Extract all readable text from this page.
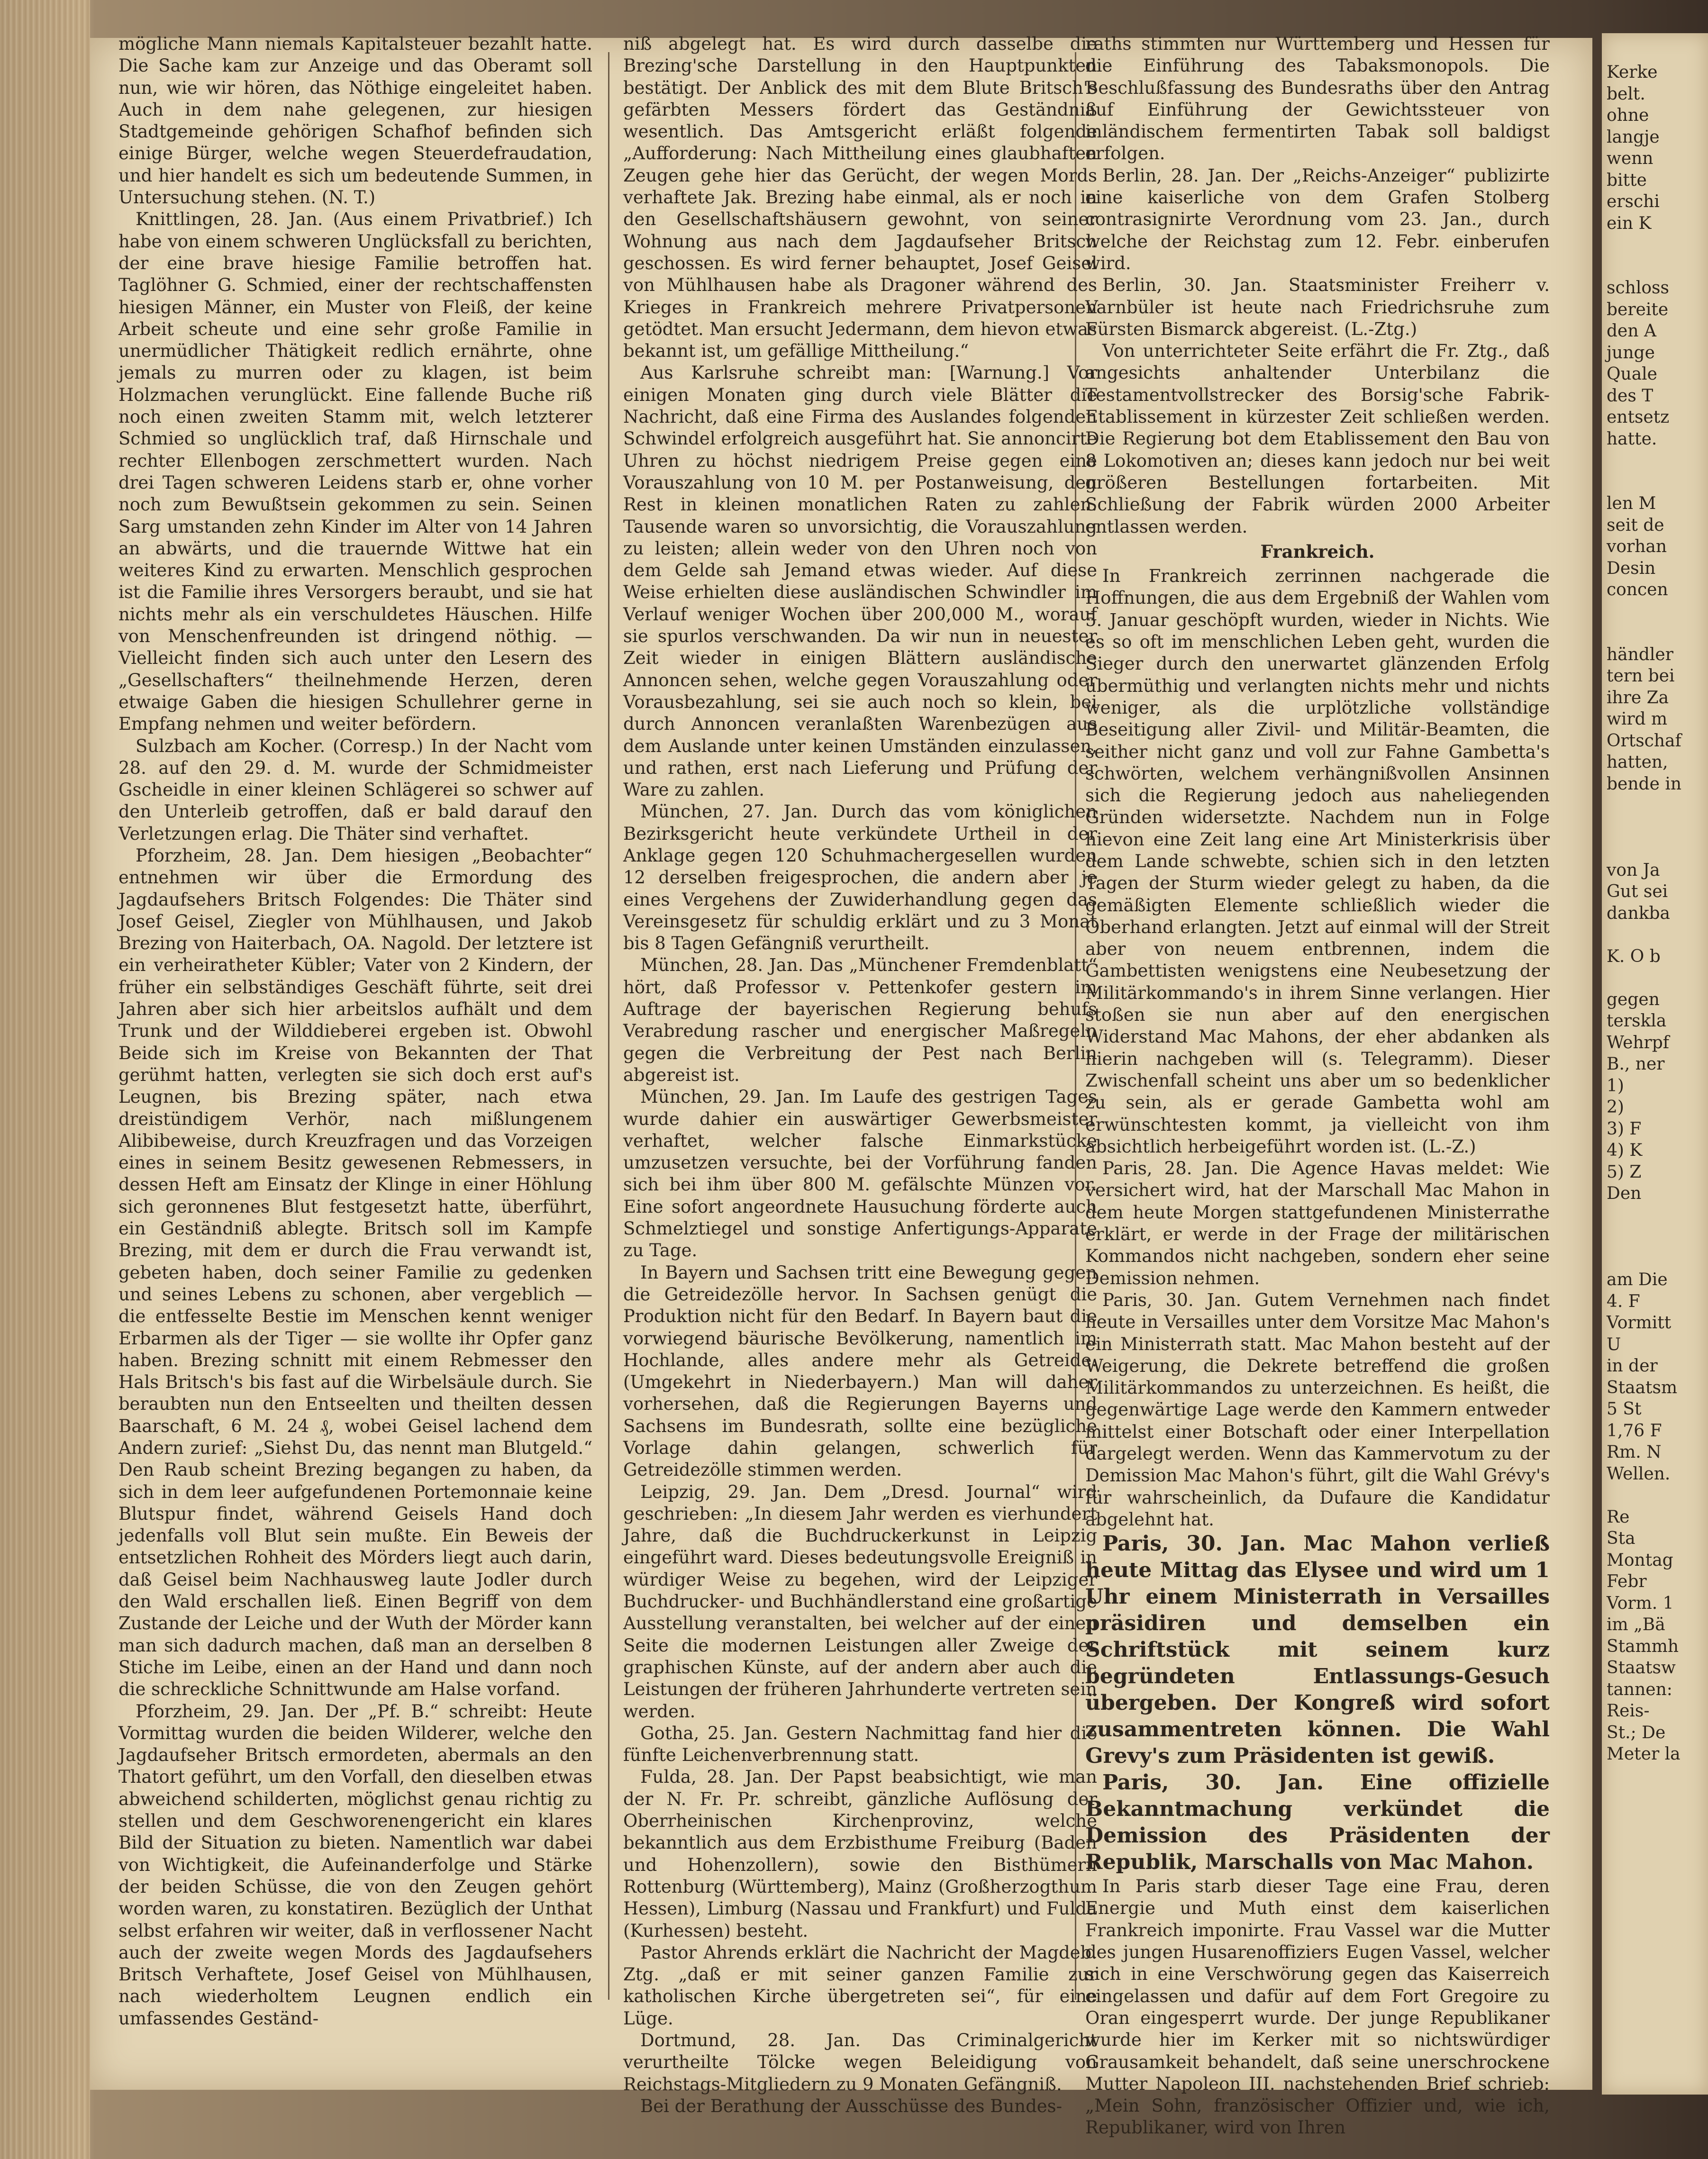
mögliche Mann niemals Kapitalsteuer bezahlt hatte. Die Sache kam zur Anzeige und das Oberamt soll nun, wie wir hören, das Nöthige eingeleitet haben. Auch in dem nahe gelegenen, zur hiesigen Stadtgemeinde gehörigen Schafhof befinden sich einige Bürger, welche wegen Steuerdefraudation, und hier handelt es sich um bedeutende Summen, in Untersuchung stehen. (N. T.)

Knittlingen, 28. Jan. (Aus einem Privatbrief.) Ich habe von einem schweren Unglücksfall zu berichten, der eine brave hiesige Familie betroffen hat. Taglöhner G. Schmied, einer der rechtschaffensten hiesigen Männer, ein Muster von Fleiß, der keine Arbeit scheute und eine sehr große Familie in unermüdlicher Thätigkeit redlich ernährte, ohne jemals zu murren oder zu klagen, ist beim Holzmachen verunglückt. Eine fallende Buche riß noch einen zweiten Stamm mit, welch letzterer Schmied so unglücklich traf, daß Hirnschale und rechter Ellenbogen zerschmettert wurden. Nach drei Tagen schweren Leidens starb er, ohne vorher noch zum Bewußtsein gekommen zu sein. Seinen Sarg umstanden zehn Kinder im Alter von 14 Jahren an abwärts, und die trauernde Wittwe hat ein weiteres Kind zu erwarten. Menschlich gesprochen ist die Familie ihres Versorgers beraubt, und sie hat nichts mehr als ein verschuldetes Häuschen. Hilfe von Menschenfreunden ist dringend nöthig. — Vielleicht finden sich auch unter den Lesern des „Gesellschafters“ theilnehmende Herzen, deren etwaige Gaben die hiesigen Schullehrer gerne in Empfang nehmen und weiter befördern.

Sulzbach am Kocher. (Corresp.) In der Nacht vom 28. auf den 29. d. M. wurde der Schmidmeister Gscheidle in einer kleinen Schlägerei so schwer auf den Unterleib getroffen, daß er bald darauf den Verletzungen erlag. Die Thäter sind verhaftet.

Pforzheim, 28. Jan. Dem hiesigen „Beobachter“ entnehmen wir über die Ermordung des Jagdaufsehers Britsch Folgendes: Die Thäter sind Josef Geisel, Ziegler von Mühlhausen, und Jakob Brezing von Haiterbach, OA. Nagold. Der letztere ist ein verheiratheter Kübler; Vater von 2 Kindern, der früher ein selbständiges Geschäft führte, seit drei Jahren aber sich hier arbeitslos aufhält und dem Trunk und der Wilddieberei ergeben ist. Obwohl Beide sich im Kreise von Bekannten der That gerühmt hatten, verlegten sie sich doch erst auf's Leugnen, bis Brezing später, nach etwa dreistündigem Verhör, nach mißlungenem Alibibeweise, durch Kreuzfragen und das Vorzeigen eines in seinem Besitz gewesenen Rebmessers, in dessen Heft am Einsatz der Klinge in einer Höhlung sich geronnenes Blut festgesetzt hatte, überführt, ein Geständniß ablegte. Britsch soll im Kampfe Brezing, mit dem er durch die Frau verwandt ist, gebeten haben, doch seiner Familie zu gedenken und seines Lebens zu schonen, aber vergeblich — die entfesselte Bestie im Menschen kennt weniger Erbarmen als der Tiger — sie wollte ihr Opfer ganz haben. Brezing schnitt mit einem Rebmesser den Hals Britsch's bis fast auf die Wirbelsäule durch. Sie beraubten nun den Entseelten und theilten dessen Baarschaft, 6 M. 24 ₰, wobei Geisel lachend dem Andern zurief: „Siehst Du, das nennt man Blutgeld.“ Den Raub scheint Brezing begangen zu haben, da sich in dem leer aufgefundenen Portemonnaie keine Blutspur findet, während Geisels Hand doch jedenfalls voll Blut sein mußte. Ein Beweis der entsetzlichen Rohheit des Mörders liegt auch darin, daß Geisel beim Nachhausweg laute Jodler durch den Wald erschallen ließ. Einen Begriff von dem Zustande der Leiche und der Wuth der Mörder kann man sich dadurch machen, daß man an derselben 8 Stiche im Leibe, einen an der Hand und dann noch die schreckliche Schnittwunde am Halse vorfand.

Pforzheim, 29. Jan. Der „Pf. B.“ schreibt: Heute Vormittag wurden die beiden Wilderer, welche den Jagdaufseher Britsch ermordeten, abermals an den Thatort geführt, um den Vorfall, den dieselben etwas abweichend schilderten, möglichst genau richtig zu stellen und dem Geschworenengericht ein klares Bild der Situation zu bieten. Namentlich war dabei von Wichtigkeit, die Aufeinanderfolge und Stärke der beiden Schüsse, die von den Zeugen gehört worden waren, zu konstatiren. Bezüglich der Unthat selbst erfahren wir weiter, daß in verflossener Nacht auch der zweite wegen Mords des Jagdaufsehers Britsch Verhaftete, Josef Geisel von Mühlhausen, nach wiederholtem Leugnen endlich ein umfassendes Geständ-

niß abgelegt hat. Es wird durch dasselbe die Brezing'sche Darstellung in den Hauptpunkten bestätigt. Der Anblick des mit dem Blute Britsch's gefärbten Messers fördert das Geständniß wesentlich. Das Amtsgericht erläßt folgende „Aufforderung: Nach Mittheilung eines glaubhaften Zeugen gehe hier das Gerücht, der wegen Mords verhaftete Jak. Brezing habe einmal, als er noch in den Gesellschaftshäusern gewohnt, von seiner Wohnung aus nach dem Jagdaufseher Britsch geschossen. Es wird ferner behauptet, Josef Geisel von Mühlhausen habe als Dragoner während des Krieges in Frankreich mehrere Privatpersonen getödtet. Man ersucht Jedermann, dem hievon etwas bekannt ist, um gefällige Mittheilung.“

Aus Karlsruhe schreibt man: [Warnung.] Vor einigen Monaten ging durch viele Blätter die Nachricht, daß eine Firma des Auslandes folgenden Schwindel erfolgreich ausgeführt hat. Sie annoncirte Uhren zu höchst niedrigem Preise gegen eine Vorauszahlung von 10 M. per Postanweisung, den Rest in kleinen monatlichen Raten zu zahlen. Tausende waren so unvorsichtig, die Vorauszahlung zu leisten; allein weder von den Uhren noch von dem Gelde sah Jemand etwas wieder. Auf diese Weise erhielten diese ausländischen Schwindler im Verlauf weniger Wochen über 200,000 M., worauf sie spurlos verschwanden. Da wir nun in neuester Zeit wieder in einigen Blättern ausländische Annoncen sehen, welche gegen Vorauszahlung oder Vorausbezahlung, sei sie auch noch so klein, bei durch Annoncen veranlaßten Warenbezügen aus dem Auslande unter keinen Umständen einzulassen, und rathen, erst nach Lieferung und Prüfung der Ware zu zahlen.

München, 27. Jan. Durch das vom königlichen Bezirksgericht heute verkündete Urtheil in der Anklage gegen 120 Schuhmachergesellen wurden 12 derselben freigesprochen, die andern aber je eines Vergehens der Zuwiderhandlung gegen das Vereinsgesetz für schuldig erklärt und zu 3 Monat bis 8 Tagen Gefängniß verurtheilt.

München, 28. Jan. Das „Münchener Fremdenblatt“ hört, daß Professor v. Pettenkofer gestern im Auftrage der bayerischen Regierung behufs Verabredung rascher und energischer Maßregeln gegen die Verbreitung der Pest nach Berlin abgereist ist.

München, 29. Jan. Im Laufe des gestrigen Tages wurde dahier ein auswärtiger Gewerbsmeister verhaftet, welcher falsche Einmarkstücke umzusetzen versuchte, bei der Vorführung fanden sich bei ihm über 800 M. gefälschte Münzen vor. Eine sofort angeordnete Hausuchung förderte auch Schmelztiegel und sonstige Anfertigungs-Apparate zu Tage.

In Bayern und Sachsen tritt eine Bewegung gegen die Getreidezölle hervor. In Sachsen genügt die Produktion nicht für den Bedarf. In Bayern baut die vorwiegend bäurische Bevölkerung, namentlich im Hochlande, alles andere mehr als Getreide. (Umgekehrt in Niederbayern.) Man will daher vorhersehen, daß die Regierungen Bayerns und Sachsens im Bundesrath, sollte eine bezügliche Vorlage dahin gelangen, schwerlich für Getreidezölle stimmen werden.

Leipzig, 29. Jan. Dem „Dresd. Journal“ wird geschrieben: „In diesem Jahr werden es vierhundert Jahre, daß die Buchdruckerkunst in Leipzig eingeführt ward. Dieses bedeutungsvolle Ereigniß in würdiger Weise zu begehen, wird der Leipziger Buchdrucker- und Buchhändlerstand eine großartige Ausstellung veranstalten, bei welcher auf der einen Seite die modernen Leistungen aller Zweige der graphischen Künste, auf der andern aber auch die Leistungen der früheren Jahrhunderte vertreten sein werden.

Gotha, 25. Jan. Gestern Nachmittag fand hier die fünfte Leichenverbrennung statt.

Fulda, 28. Jan. Der Papst beabsichtigt, wie man der N. Fr. Pr. schreibt, gänzliche Auflösung der Oberrheinischen Kirchenprovinz, welche bekanntlich aus dem Erzbisthume Freiburg (Baden und Hohenzollern), sowie den Bisthümern Rottenburg (Württemberg), Mainz (Großherzogthum Hessen), Limburg (Nassau und Frankfurt) und Fulda (Kurhessen) besteht.

Pastor Ahrends erklärt die Nachricht der Magdeb. Ztg. „daß er mit seiner ganzen Familie zur katholischen Kirche übergetreten sei“, für eine Lüge.

Dortmund, 28. Jan. Das Criminalgericht verurtheilte Tölcke wegen Beleidigung von Reichstags-Mitgliedern zu 9 Monaten Gefängniß.

Bei der Berathung der Ausschüsse des Bundes-

raths stimmten nur Württemberg und Hessen für die Einführung des Tabaksmonopols. Die Beschlußfassung des Bundesraths über den Antrag auf Einführung der Gewichtssteuer von inländischem fermentirten Tabak soll baldigst erfolgen.

Berlin, 28. Jan. Der „Reichs-Anzeiger“ publizirte eine kaiserliche von dem Grafen Stolberg contrasignirte Verordnung vom 23. Jan., durch welche der Reichstag zum 12. Febr. einberufen wird.

Berlin, 30. Jan. Staatsminister Freiherr v. Varnbüler ist heute nach Friedrichsruhe zum Fürsten Bismarck abgereist. (L.-Ztg.)

Von unterrichteter Seite erfährt die Fr. Ztg., daß angesichts anhaltender Unterbilanz die Testamentvollstrecker des Borsig'sche Fabrik-Etablissement in kürzester Zeit schließen werden. Die Regierung bot dem Etablissement den Bau von 8 Lokomotiven an; dieses kann jedoch nur bei weit größeren Bestellungen fortarbeiten. Mit Schließung der Fabrik würden 2000 Arbeiter entlassen werden.

Frankreich.

In Frankreich zerrinnen nachgerade die Hoffnungen, die aus dem Ergebniß der Wahlen vom 5. Januar geschöpft wurden, wieder in Nichts. Wie es so oft im menschlichen Leben geht, wurden die Sieger durch den unerwartet glänzenden Erfolg übermüthig und verlangten nichts mehr und nichts weniger, als die urplötzliche vollständige Beseitigung aller Zivil- und Militär-Beamten, die seither nicht ganz und voll zur Fahne Gambetta's schwörten, welchem verhängnißvollen Ansinnen sich die Regierung jedoch aus naheliegenden Gründen widersetzte. Nachdem nun in Folge hievon eine Zeit lang eine Art Ministerkrisis über dem Lande schwebte, schien sich in den letzten Tagen der Sturm wieder gelegt zu haben, da die gemäßigten Elemente schließlich wieder die Oberhand erlangten. Jetzt auf einmal will der Streit aber von neuem entbrennen, indem die Gambettisten wenigstens eine Neubesetzung der Militärkommando's in ihrem Sinne verlangen. Hier stoßen sie nun aber auf den energischen Widerstand Mac Mahons, der eher abdanken als hierin nachgeben will (s. Telegramm). Dieser Zwischenfall scheint uns aber um so bedenklicher zu sein, als er gerade Gambetta wohl am erwünschtesten kommt, ja vielleicht von ihm absichtlich herbeigeführt worden ist. (L.-Z.)

Paris, 28. Jan. Die Agence Havas meldet: Wie versichert wird, hat der Marschall Mac Mahon in dem heute Morgen stattgefundenen Ministerrathe erklärt, er werde in der Frage der militärischen Kommandos nicht nachgeben, sondern eher seine Demission nehmen.

Paris, 30. Jan. Gutem Vernehmen nach findet heute in Versailles unter dem Vorsitze Mac Mahon's ein Ministerrath statt. Mac Mahon besteht auf der Weigerung, die Dekrete betreffend die großen Militärkommandos zu unterzeichnen. Es heißt, die gegenwärtige Lage werde den Kammern entweder mittelst einer Botschaft oder einer Interpellation dargelegt werden. Wenn das Kammervotum zu der Demission Mac Mahon's führt, gilt die Wahl Grévy's für wahrscheinlich, da Dufaure die Kandidatur abgelehnt hat.

Paris, 30. Jan. Mac Mahon verließ heute Mittag das Elysee und wird um 1 Uhr einem Ministerrath in Versailles präsidiren und demselben ein Schriftstück mit seinem kurz begründeten Entlassungs-Gesuch übergeben. Der Kongreß wird sofort zusammentreten können. Die Wahl Grevy's zum Präsidenten ist gewiß.

Paris, 30. Jan. Eine offizielle Bekanntmachung verkündet die Demission des Präsidenten der Republik, Marschalls von Mac Mahon.

In Paris starb dieser Tage eine Frau, deren Energie und Muth einst dem kaiserlichen Frankreich imponirte. Frau Vassel war die Mutter des jungen Husarenoffiziers Eugen Vassel, welcher sich in eine Verschwörung gegen das Kaiserreich eingelassen und dafür auf dem Fort Gregoire zu Oran eingesperrt wurde. Der junge Republikaner wurde hier im Kerker mit so nichtswürdiger Grausamkeit behandelt, daß seine unerschrockene Mutter Napoleon III. nachstehenden Brief schrieb: „Mein Sohn, französischer Offizier und, wie ich, Republikaner, wird von Ihren

Kerke
belt.
ohne
langje
wenn
bitte
erschi
ein K

schloss
bereite
den A
junge
Quale
des T
entsetz
hatte.

len M
seit de
vorhan
Desin
concen

händler
tern bei
ihre Za
wird m
Ortschaf
hatten,
bende in

von Ja
Gut sei
dankba

K. O b

gegen
terskla
Wehrpf
B., ner
1)
2)
3) F
4) K
5) Z
Den

am Die
4. F
Vormitt
U
in der
Staatsm
5 St
1,76 F
Rm. N
Wellen.

Re
Sta
Montag
Febr
Vorm. 1
im „Bä
Stammh
Staatsw
tannen:
Reis-
St.; De
Meter la
